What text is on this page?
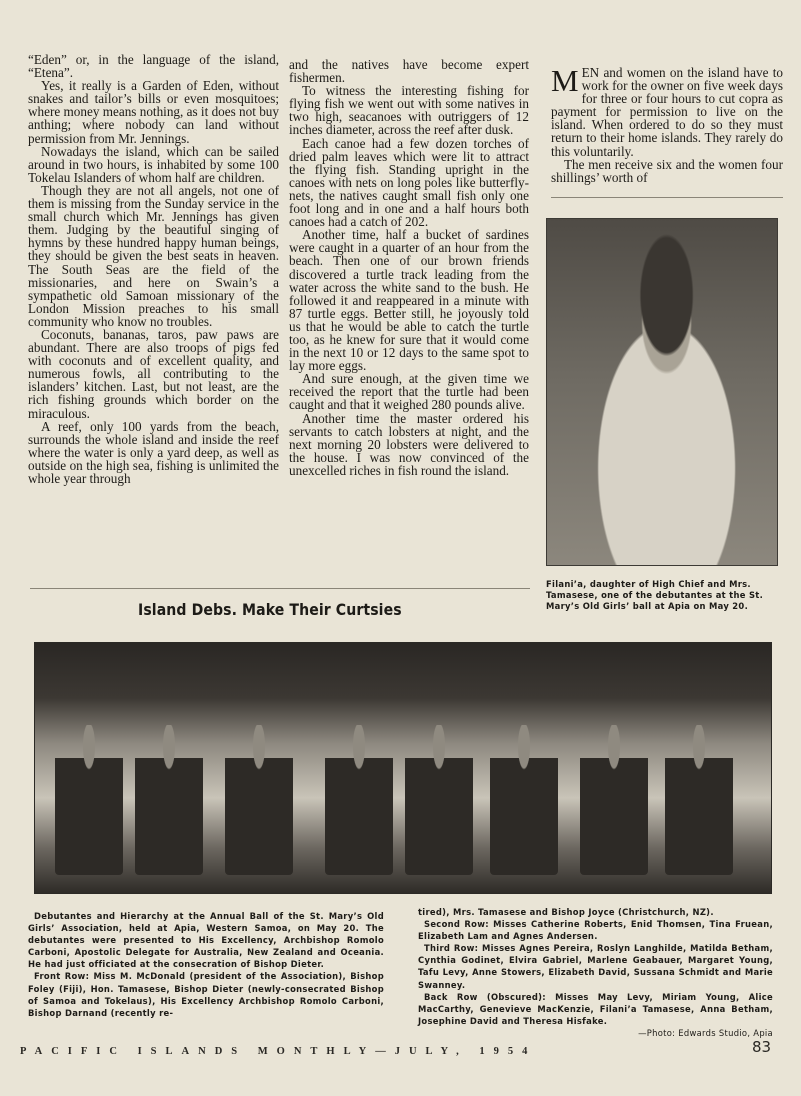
“Eden” or, in the language of the island, “Etena”.

Yes, it really is a Garden of Eden, without snakes and tailor’s bills or even mosquitoes; where money means nothing, as it does not buy anthing; where nobody can land without permission from Mr. Jennings.

Nowadays the island, which can be sailed around in two hours, is inhabited by some 100 Tokelau Islanders of whom half are children.

Though they are not all angels, not one of them is missing from the Sunday service in the small church which Mr. Jennings has given them. Judging by the beautiful singing of hymns by these hundred happy human beings, they should be given the best seats in heaven. The South Seas are the field of the missionaries, and here on Swain’s a sympathetic old Samoan missionary of the London Mission preaches to his small community who know no troubles.

Coconuts, bananas, taros, paw paws are abundant. There are also troops of pigs fed with coconuts and of excellent quality, and numerous fowls, all contributing to the islanders’ kitchen. Last, but not least, are the rich fishing grounds which border on the miraculous.

A reef, only 100 yards from the beach, surrounds the whole island and inside the reef where the water is only a yard deep, as well as outside on the high sea, fishing is unlimited the whole year through

and the natives have become expert fishermen.

To witness the interesting fishing for flying fish we went out with some natives in two high, seacanoes with outriggers of 12 inches diameter, across the reef after dusk.

Each canoe had a few dozen torches of dried palm leaves which were lit to attract the flying fish. Standing upright in the canoes with nets on long poles like butterfly-nets, the natives caught small fish only one foot long and in one and a half hours both canoes had a catch of 202.

Another time, half a bucket of sardines were caught in a quarter of an hour from the beach. Then one of our brown friends discovered a turtle track leading from the water across the white sand to the bush. He followed it and reappeared in a minute with 87 turtle eggs. Better still, he joyously told us that he would be able to catch the turtle too, as he knew for sure that it would come in the next 10 or 12 days to the same spot to lay more eggs.

And sure enough, at the given time we received the report that the turtle had been caught and that it weighed 280 pounds alive.

Another time the master ordered his servants to catch lobsters at night, and the next morning 20 lobsters were delivered to the house. I was now convinced of the unexcelled riches in fish round the island.

MEN and women on the island have to work for the owner on five week days for three or four hours to cut copra as payment for permission to live on the island. When ordered to do so they must return to their home islands. They rarely do this voluntarily.

The men receive six and the women four shillings’ worth of

Filani’a, daughter of High Chief and Mrs. Tamasese, one of the debutantes at the St. Mary’s Old Girls’ ball at Apia on May 20.
Island Debs. Make Their Curtsies

Debutantes and Hierarchy at the Annual Ball of the St. Mary’s Old Girls’ Association, held at Apia, Western Samoa, on May 20. The debutantes were presented to His Excellency, Archbishop Romolo Carboni, Apostolic Delegate for Australia, New Zealand and Oceania. He had just officiated at the consecration of Bishop Dieter.

Front Row: Miss M. McDonald (president of the Association), Bishop Foley (Fiji), Hon. Tamasese, Bishop Dieter (newly-consecrated Bishop of Samoa and Tokelaus), His Excellency Archbishop Romolo Carboni, Bishop Darnand (recently re-

tired), Mrs. Tamasese and Bishop Joyce (Christchurch, NZ).

Second Row: Misses Catherine Roberts, Enid Thomsen, Tina Fruean, Elizabeth Lam and Agnes Andersen.

Third Row: Misses Agnes Pereira, Roslyn Langhilde, Matilda Betham, Cynthia Godinet, Elvira Gabriel, Marlene Geabauer, Margaret Young, Tafu Levy, Anne Stowers, Elizabeth David, Sussana Schmidt and Marie Swanney.

Back Row (Obscured): Misses May Levy, Miriam Young, Alice MacCarthy, Genevieve MacKenzie, Filani’a Tamasese, Anna Betham, Josephine David and Theresa Hisfake.

—Photo: Edwards Studio, Apia

PACIFIC ISLANDS MONTHLY—JULY, 1954	83
